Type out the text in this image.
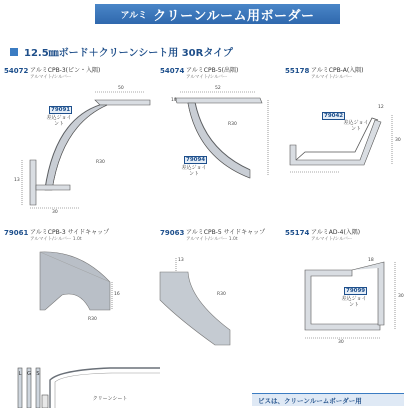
アルミ クリーンルーム用ボーダー
12.5㎜ボード＋クリーンシート用 30Rタイプ
54072 アルミCPB-3(ピン・入隅)
アルマイト/シルバー
54074 アルミCPB-5(出隅)
アルマイト/シルバー
55178 アルミCPB-A(入隅)
アルマイト/シルバー
79061 アルミCPB-3 サイドキャップ
アルマイト/シルバー 1.0t
79063 アルミCPB-5 サイドキャップ
アルマイト/シルバー 1.0t
55174 アルミAD-4(入隅)
アルマイト/シルバー
79091
差込ジョイント
79094
差込ジョイント
79042
差込ジョイント
79099
差込ジョイント
50
R30
30
13
52
R30
10
12
30
R30
16
13
R30
18
30
30
L	G	S
クリーンシート	ビスは、クリーンルームボーダー用
